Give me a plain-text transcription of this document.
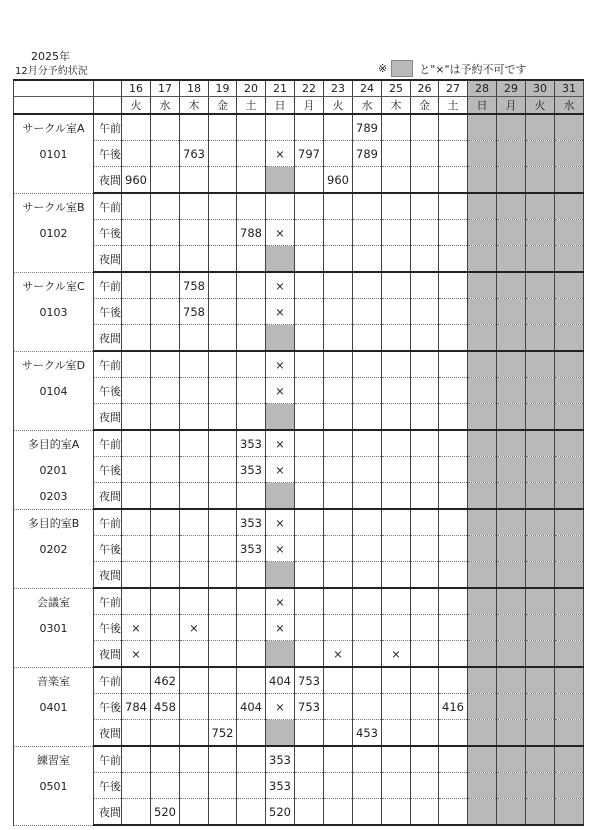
2025年
12月分予約状況	※	と"×"は予約不可です
		16	17	18	19	20	21	22	23	24	25	26	27	28	29	30	31
		火	水	木	金	土	日	月	火	水	木	金	土	日	月	火	水

サークル室A
0101	午前									789							
	午後			763			×	797		789							
	夜間	960							960								

サークル室B
0102	午前																
	午後					788	×										
	夜間																

サークル室C
0103	午前			758			×										
	午後			758			×										
	夜間																

サークル室D
0104	午前						×										
	午後						×										
	夜間																

多目的室A
0201
0203	午前					353	×										
	午後					353	×										
	夜間																

多目的室B
0202	午前					353	×										
	午後					353	×										
	夜間																

会議室
0301	午前						×										
	午後	×		×			×										
	夜間	×							×		×						

音楽室
0401	午前		462				404	753									
	午後	784	458			404	×	753					416				
	夜間				752					453							

練習室
0501	午前						353										
	午後						353										
	夜間		520				520										
